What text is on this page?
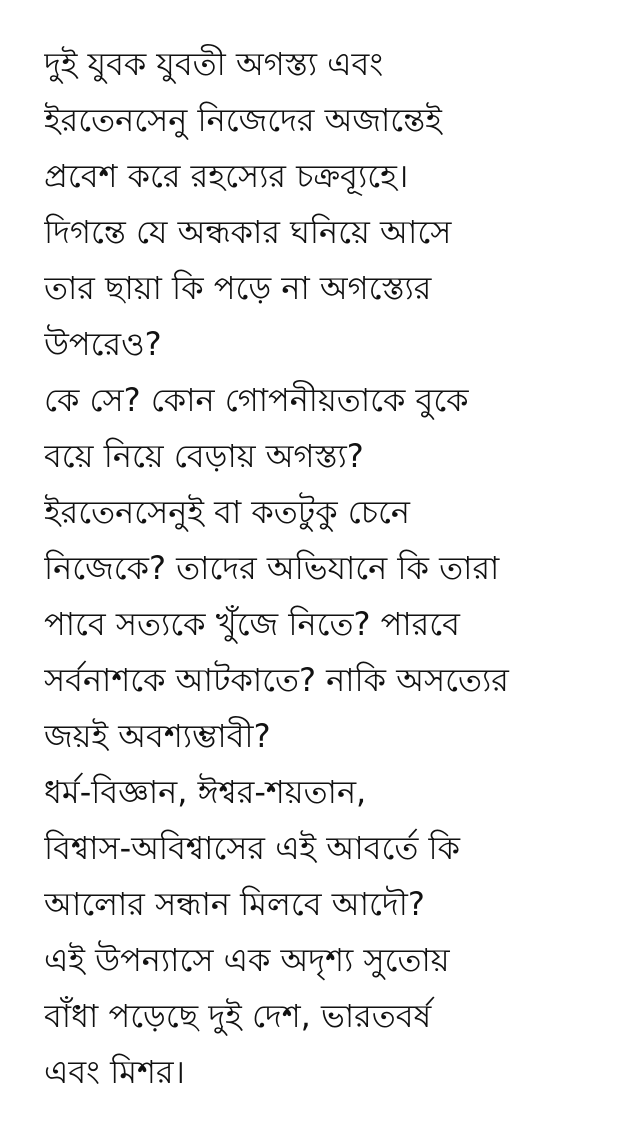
দুই যুবক যুবতী অগস্ত্য এবং

ইরতেনসেনু নিজেদের অজান্তেই

প্রবেশ করে রহস্যের চক্রব্যূহে।

দিগন্তে যে অন্ধকার ঘনিয়ে আসে

তার ছায়া কি পড়ে না অগস্ত্যের

উপরেও?

কে সে? কোন গোপনীয়তাকে বুকে

বয়ে নিয়ে বেড়ায় অগস্ত্য?

ইরতেনসেনুই বা কতটুকু চেনে

নিজেকে? তাদের অভিযানে কি তারা

পাবে সত্যকে খুঁজে নিতে? পারবে

সর্বনাশকে আটকাতে? নাকি অসত্যের

জয়ই অবশ্যম্ভাবী?

ধর্ম-বিজ্ঞান, ঈশ্বর-শয়তান,

বিশ্বাস-অবিশ্বাসের এই আবর্তে কি

আলোর সন্ধান মিলবে আদৌ?

এই উপন্যাসে এক অদৃশ্য সুতোয়

বাঁধা পড়েছে দুই দেশ, ভারতবর্ষ

এবং মিশর।
